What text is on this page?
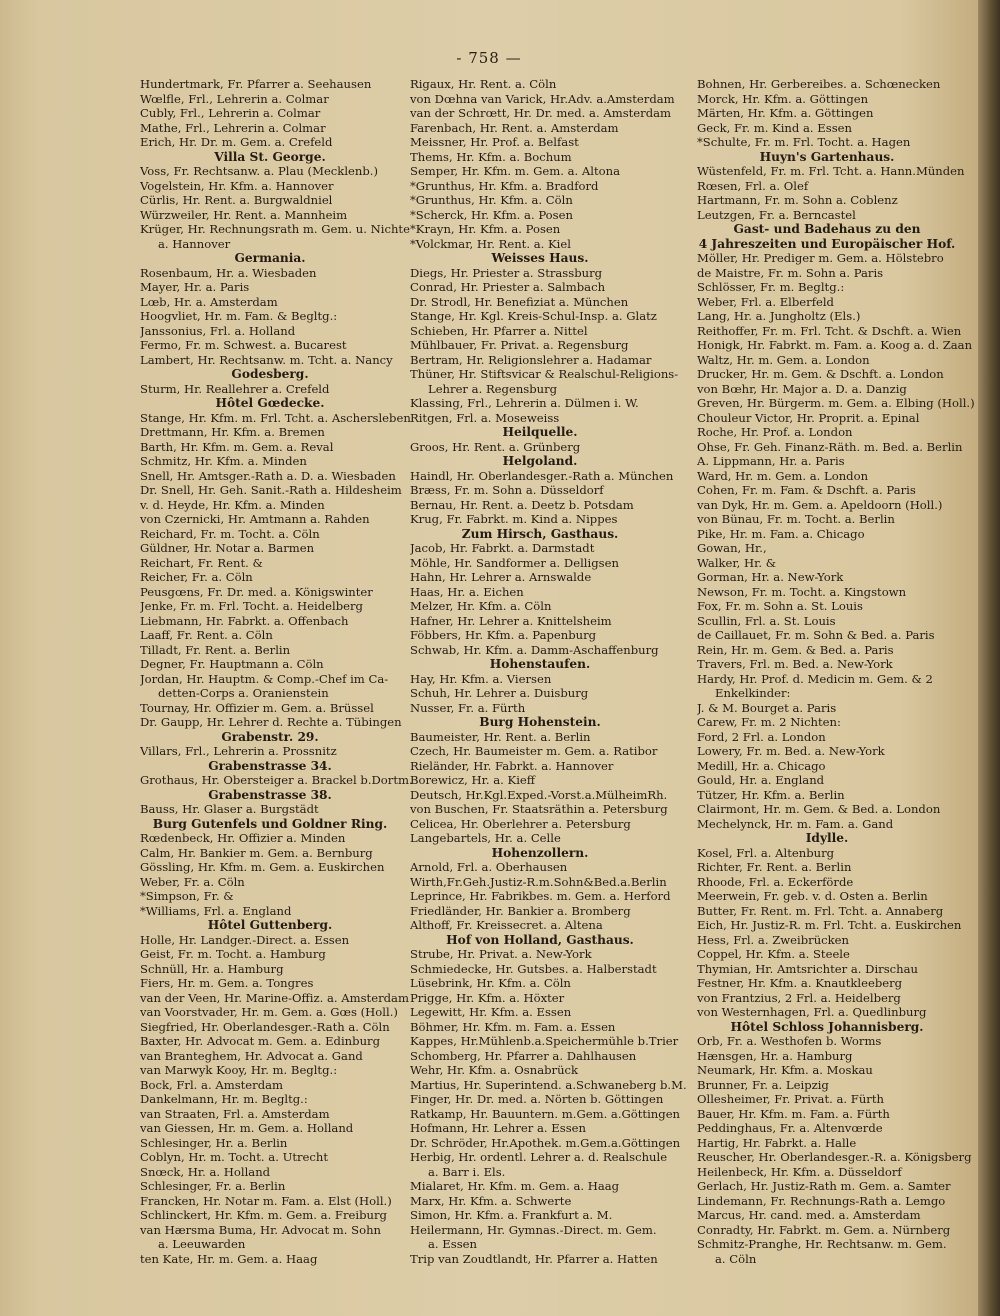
- 758 —
Hundertmark, Fr. Pfarrer a. Seehausen
Wœlfle, Frl., Lehrerin a. Colmar
Cubly, Frl., Lehrerin a. Colmar
Mathe, Frl., Lehrerin a. Colmar
Erich, Hr. Dr. m. Gem. a. Crefeld
Villa St. George.
Voss, Fr. Rechtsanw. a. Plau (Mecklenb.)
Vogelstein, Hr. Kfm. a. Hannover
Cürlis, Hr. Rent. a. Burgwaldniel
Würzweiler, Hr. Rent. a. Mannheim
Krüger, Hr. Rechnungsrath m. Gem. u. Nichte
a. Hannover
Germania.
Rosenbaum, Hr. a. Wiesbaden
Mayer, Hr. a. Paris
Lœb, Hr. a. Amsterdam
Hoogvliet, Hr. m. Fam. & Begltg.:
Janssonius, Frl. a. Holland
Fermo, Fr. m. Schwest. a. Bucarest
Lambert, Hr. Rechtsanw. m. Tcht. a. Nancy
Godesberg.
Sturm, Hr. Reallehrer a. Crefeld
Hôtel Gœdecke.
Stange, Hr. Kfm. m. Frl. Tcht. a. Aschersleben
Drettmann, Hr. Kfm. a. Bremen
Barth, Hr. Kfm. m. Gem. a. Reval
Schmitz, Hr. Kfm. a. Minden
Snell, Hr. Amtsger.-Rath a. D. a. Wiesbaden
Dr. Snell, Hr. Geh. Sanit.-Rath a. Hildesheim
v. d. Heyde, Hr. Kfm. a. Minden
von Czernicki, Hr. Amtmann a. Rahden
Reichard, Fr. m. Tocht. a. Cöln
Güldner, Hr. Notar a. Barmen
Reichart, Fr. Rent. &
Reicher, Fr. a. Cöln
Peusgœns, Fr. Dr. med. a. Königswinter
Jenke, Fr. m. Frl. Tocht. a. Heidelberg
Liebmann, Hr. Fabrkt. a. Offenbach
Laaff, Fr. Rent. a. Cöln
Tilladt, Fr. Rent. a. Berlin
Degner, Fr. Hauptmann a. Cöln
Jordan, Hr. Hauptm. & Comp.-Chef im Ca-
detten-Corps a. Oranienstein
Tournay, Hr. Offizier m. Gem. a. Brüssel
Dr. Gaupp, Hr. Lehrer d. Rechte a. Tübingen
Grabenstr. 29.
Villars, Frl., Lehrerin a. Prossnitz
Grabenstrasse 34.
Grothaus, Hr. Obersteiger a. Brackel b.Dortm.
Grabenstrasse 38.
Bauss, Hr. Glaser a. Burgstädt
Burg Gutenfels und Goldner Ring.
Rœdenbeck, Hr. Offizier a. Minden
Calm, Hr. Bankier m. Gem. a. Bernburg
Gössling, Hr. Kfm. m. Gem. a. Euskirchen
Weber, Fr. a. Cöln
*Simpson, Fr. &
*Williams, Frl. a. England
Hôtel Guttenberg.
Holle, Hr. Landger.-Direct. a. Essen
Geist, Fr. m. Tocht. a. Hamburg
Schnüll, Hr. a. Hamburg
Fiers, Hr. m. Gem. a. Tongres
van der Veen, Hr. Marine-Offiz. a. Amsterdam
van Voorstvader, Hr. m. Gem. a. Gœs (Holl.)
Siegfried, Hr. Oberlandesger.-Rath a. Cöln
Baxter, Hr. Advocat m. Gem. a. Edinburg
van Branteghem, Hr. Advocat a. Gand
van Marwyk Kooy, Hr. m. Begltg.:
Bock, Frl. a. Amsterdam
Dankelmann, Hr. m. Begltg.:
van Straaten, Frl. a. Amsterdam
van Giessen, Hr. m. Gem. a. Holland
Schlesinger, Hr. a. Berlin
Coblyn, Hr. m. Tocht. a. Utrecht
Snœck, Hr. a. Holland
Schlesinger, Fr. a. Berlin
Francken, Hr. Notar m. Fam. a. Elst (Holl.)
Schlinckert, Hr. Kfm. m. Gem. a. Freiburg
van Hærsma Buma, Hr. Advocat m. Sohn
a. Leeuwarden
ten Kate, Hr. m. Gem. a. Haag
Rigaux, Hr. Rent. a. Cöln
von Dœhna van Varick, Hr.Adv. a.Amsterdam
van der Schrœtt, Hr. Dr. med. a. Amsterdam
Farenbach, Hr. Rent. a. Amsterdam
Meissner, Hr. Prof. a. Belfast
Thems, Hr. Kfm. a. Bochum
Semper, Hr. Kfm. m. Gem. a. Altona
*Grunthus, Hr. Kfm. a. Bradford
*Grunthus, Hr. Kfm. a. Cöln
*Scherck, Hr. Kfm. a. Posen
*Krayn, Hr. Kfm. a. Posen
*Volckmar, Hr. Rent. a. Kiel
Weisses Haus.
Diegs, Hr. Priester a. Strassburg
Conrad, Hr. Priester a. Salmbach
Dr. Strodl, Hr. Benefiziat a. München
Stange, Hr. Kgl. Kreis-Schul-Insp. a. Glatz
Schieben, Hr. Pfarrer a. Nittel
Mühlbauer, Fr. Privat. a. Regensburg
Bertram, Hr. Religionslehrer a. Hadamar
Thüner, Hr. Stiftsvicar & Realschul-Religions-
Lehrer a. Regensburg
Klassing, Frl., Lehrerin a. Dülmen i. W.
Ritgen, Frl. a. Moseweiss
Heilquelle.
Groos, Hr. Rent. a. Grünberg
Helgoland.
Haindl, Hr. Oberlandesger.-Rath a. München
Bræss, Fr. m. Sohn a. Düsseldorf
Bernau, Hr. Rent. a. Deetz b. Potsdam
Krug, Fr. Fabrkt. m. Kind a. Nippes
Zum Hirsch, Gasthaus.
Jacob, Hr. Fabrkt. a. Darmstadt
Möhle, Hr. Sandformer a. Delligsen
Hahn, Hr. Lehrer a. Arnswalde
Haas, Hr. a. Eichen
Melzer, Hr. Kfm. a. Cöln
Hafner, Hr. Lehrer a. Knittelsheim
Föbbers, Hr. Kfm. a. Papenburg
Schwab, Hr. Kfm. a. Damm-Aschaffenburg
Hohenstaufen.
Hay, Hr. Kfm. a. Viersen
Schuh, Hr. Lehrer a. Duisburg
Nusser, Fr. a. Fürth
Burg Hohenstein.
Baumeister, Hr. Rent. a. Berlin
Czech, Hr. Baumeister m. Gem. a. Ratibor
Rieländer, Hr. Fabrkt. a. Hannover
Borewicz, Hr. a. Kieff
Deutsch, Hr.Kgl.Exped.-Vorst.a.MülheimRh.
von Buschen, Fr. Staatsräthin a. Petersburg
Celicea, Hr. Oberlehrer a. Petersburg
Langebartels, Hr. a. Celle
Hohenzollern.
Arnold, Frl. a. Oberhausen
Wirth,Fr.Geh.Justiz-R.m.Sohn&Bed.a.Berlin
Leprince, Hr. Fabrikbes. m. Gem. a. Herford
Friedländer, Hr. Bankier a. Bromberg
Althoff, Fr. Kreissecret. a. Altena
Hof von Holland, Gasthaus.
Strube, Hr. Privat. a. New-York
Schmiedecke, Hr. Gutsbes. a. Halberstadt
Lüsebrink, Hr. Kfm. a. Cöln
Prigge, Hr. Kfm. a. Höxter
Legewitt, Hr. Kfm. a. Essen
Böhmer, Hr. Kfm. m. Fam. a. Essen
Kappes, Hr.Mühlenb.a.Speichermühle b.Trier
Schomberg, Hr. Pfarrer a. Dahlhausen
Wehr, Hr. Kfm. a. Osnabrück
Martius, Hr. Superintend. a.Schwaneberg b.M.
Finger, Hr. Dr. med. a. Nörten b. Göttingen
Ratkamp, Hr. Bauuntern. m.Gem. a.Göttingen
Hofmann, Hr. Lehrer a. Essen
Dr. Schröder, Hr.Apothek. m.Gem.a.Göttingen
Herbig, Hr. ordentl. Lehrer a. d. Realschule
a. Barr i. Els.
Mialaret, Hr. Kfm. m. Gem. a. Haag
Marx, Hr. Kfm. a. Schwerte
Simon, Hr. Kfm. a. Frankfurt a. M.
Heilermann, Hr. Gymnas.-Direct. m. Gem.
a. Essen
Trip van Zoudtlandt, Hr. Pfarrer a. Hatten
Bohnen, Hr. Gerbereibes. a. Schœnecken
Morck, Hr. Kfm. a. Göttingen
Märten, Hr. Kfm. a. Göttingen
Geck, Fr. m. Kind a. Essen
*Schulte, Fr. m. Frl. Tocht. a. Hagen
Huyn's Gartenhaus.
Wüstenfeld, Fr. m. Frl. Tcht. a. Hann.Münden
Rœsen, Frl. a. Olef
Hartmann, Fr. m. Sohn a. Coblenz
Leutzgen, Fr. a. Berncastel
Gast- und Badehaus zu den
4 Jahreszeiten und Europäischer Hof.
Möller, Hr. Prediger m. Gem. a. Hölstebro
de Maistre, Fr. m. Sohn a. Paris
Schlösser, Fr. m. Begltg.:
Weber, Frl. a. Elberfeld
Lang, Hr. a. Jungholtz (Els.)
Reithoffer, Fr. m. Frl. Tcht. & Dschft. a. Wien
Honigk, Hr. Fabrkt. m. Fam. a. Koog a. d. Zaan
Waltz, Hr. m. Gem. a. London
Drucker, Hr. m. Gem. & Dschft. a. London
von Bœhr, Hr. Major a. D. a. Danzig
Greven, Hr. Bürgerm. m. Gem. a. Elbing (Holl.)
Chouleur Victor, Hr. Proprit. a. Epinal
Roche, Hr. Prof. a. London
Ohse, Fr. Geh. Finanz-Räth. m. Bed. a. Berlin
A. Lippmann, Hr. a. Paris
Ward, Hr. m. Gem. a. London
Cohen, Fr. m. Fam. & Dschft. a. Paris
van Dyk, Hr. m. Gem. a. Apeldoorn (Holl.)
von Bünau, Fr. m. Tocht. a. Berlin
Pike, Hr. m. Fam. a. Chicago
Gowan, Hr.,
Walker, Hr. &
Gorman, Hr. a. New-York
Newson, Fr. m. Tocht. a. Kingstown
Fox, Fr. m. Sohn a. St. Louis
Scullin, Frl. a. St. Louis
de Caillauet, Fr. m. Sohn & Bed. a. Paris
Rein, Hr. m. Gem. & Bed. a. Paris
Travers, Frl. m. Bed. a. New-York
Hardy, Hr. Prof. d. Medicin m. Gem. & 2
Enkelkinder:
J. & M. Bourget a. Paris
Carew, Fr. m. 2 Nichten:
Ford, 2 Frl. a. London
Lowery, Fr. m. Bed. a. New-York
Medill, Hr. a. Chicago
Gould, Hr. a. England
Tützer, Hr. Kfm. a. Berlin
Clairmont, Hr. m. Gem. & Bed. a. London
Mechelynck, Hr. m. Fam. a. Gand
Idylle.
Kosel, Frl. a. Altenburg
Richter, Fr. Rent. a. Berlin
Rhoode, Frl. a. Eckerförde
Meerwein, Fr. geb. v. d. Osten a. Berlin
Butter, Fr. Rent. m. Frl. Tcht. a. Annaberg
Eich, Hr. Justiz-R. m. Frl. Tcht. a. Euskirchen
Hess, Frl. a. Zweibrücken
Coppel, Hr. Kfm. a. Steele
Thymian, Hr. Amtsrichter a. Dirschau
Festner, Hr. Kfm. a. Knautkleeberg
von Frantzius, 2 Frl. a. Heidelberg
von Westernhagen, Frl. a. Quedlinburg
Hôtel Schloss Johannisberg.
Orb, Fr. a. Westhofen b. Worms
Hænsgen, Hr. a. Hamburg
Neumark, Hr. Kfm. a. Moskau
Brunner, Fr. a. Leipzig
Ollesheimer, Fr. Privat. a. Fürth
Bauer, Hr. Kfm. m. Fam. a. Fürth
Peddinghaus, Fr. a. Altenvœrde
Hartig, Hr. Fabrkt. a. Halle
Reuscher, Hr. Oberlandesger.-R. a. Königsberg
Heilenbeck, Hr. Kfm. a. Düsseldorf
Gerlach, Hr. Justiz-Rath m. Gem. a. Samter
Lindemann, Fr. Rechnungs-Rath a. Lemgo
Marcus, Hr. cand. med. a. Amsterdam
Conradty, Hr. Fabrkt. m. Gem. a. Nürnberg
Schmitz-Pranghe, Hr. Rechtsanw. m. Gem.
a. Cöln
